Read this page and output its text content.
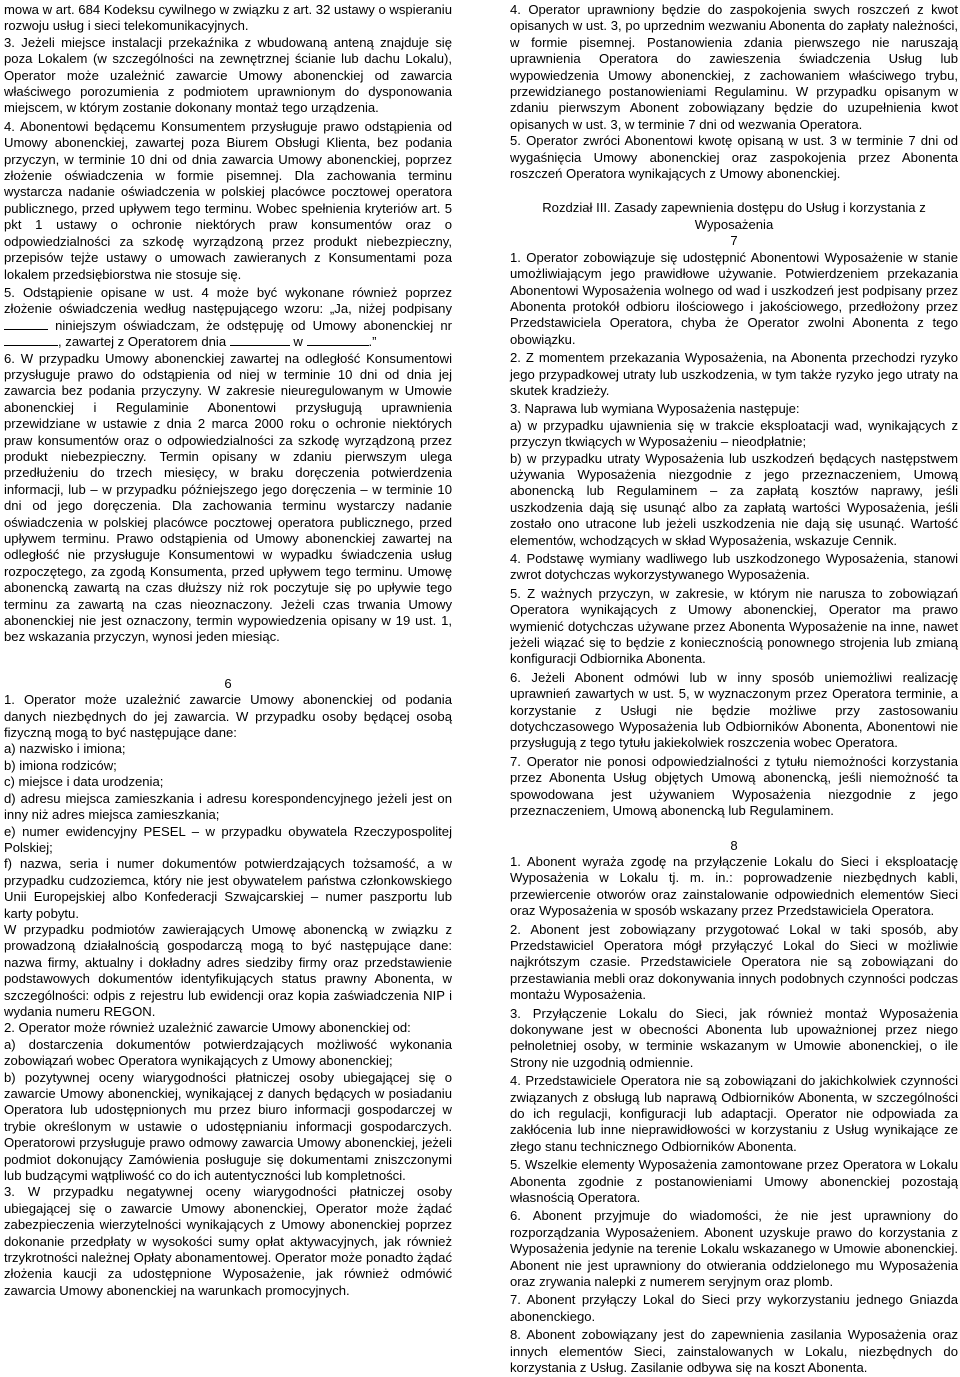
mowa w art. 684 Kodeksu cywilnego w związku z art. 32 ustawy o wspieraniu rozwoju usług i sieci telekomunikacyjnych.

3. Jeżeli miejsce instalacji przekaźnika z wbudowaną anteną znajduje się poza Lokalem (w szczególności na zewnętrznej ścianie lub dachu Lokalu), Operator może uzależnić zawarcie Umowy abonenckiej od zawarcia właściwego porozumienia z podmiotem uprawnionym do dysponowania miejscem, w którym zostanie dokonany montaż tego urządzenia.

4. Abonentowi będącemu Konsumentem przysługuje prawo odstąpienia od Umowy abonenckiej, zawartej poza Biurem Obsługi Klienta, bez podania przyczyn, w terminie 10 dni od dnia zawarcia Umowy abonenckiej, poprzez złożenie oświadczenia w formie pisemnej. Dla zachowania terminu wystarcza nadanie oświadczenia w polskiej placówce pocztowej operatora publicznego, przed upływem tego terminu. Wobec spełnienia kryteriów art. 5 pkt 1 ustawy o ochronie niektórych praw konsumentów oraz o odpowiedzialności za szkodę wyrządzoną przez produkt niebezpieczny, przepisów tejże ustawy o umowach zawieranych z Konsumentami poza lokalem przedsiębiorstwa nie stosuje się.

5. Odstąpienie opisane w ust. 4 może być wykonane również poprzez złożenie oświadczenia według następującego wzoru: „Ja, niżej podpisany  niniejszym oświadczam, że odstępuję od Umowy abonenckiej nr , zawartej z Operatorem dnia	w	.”

6. W przypadku Umowy abonenckiej zawartej na odległość Konsumentowi przysługuje prawo do odstąpienia od niej w terminie 10 dni od dnia jej zawarcia bez podania przyczyny. W zakresie nieuregulowanym w Umowie abonenckiej i Regulaminie Abonentowi przysługują uprawnienia przewidziane w ustawie z dnia 2 marca 2000 roku o ochronie niektórych praw konsumentów oraz o odpowiedzialności za szkodę wyrządzoną przez produkt niebezpieczny. Termin opisany w zdaniu pierwszym ulega przedłużeniu do trzech miesięcy, w braku doręczenia potwierdzenia informacji, lub – w przypadku późniejszego jego doręczenia – w terminie 10 dni od jego doręczenia. Dla zachowania terminu wystarczy nadanie oświadczenia w polskiej placówce pocztowej operatora publicznego, przed upływem terminu. Prawo odstąpienia od Umowy abonenckiej zawartej na odległość nie przysługuje Konsumentowi w wypadku świadczenia usług rozpoczętego, za zgodą Konsumenta, przed upływem tego terminu. Umowę abonencką zawartą na czas dłuższy niż rok poczytuje się po upływie tego terminu za zawartą na czas nieoznaczony. Jeżeli czas trwania Umowy abonenckiej nie jest oznaczony, termin wypowiedzenia opisany w 19 ust. 1, bez wskazania przyczyn, wynosi jeden miesiąc.

6

1. Operator może uzależnić zawarcie Umowy abonenckiej od podania danych niezbędnych do jej zawarcia. W przypadku osoby będącej osobą fizyczną mogą to być następujące dane:

a) nazwisko i imiona;

b) imiona rodziców;

c) miejsce i data urodzenia;

d) adresu miejsca zamieszkania i adresu korespondencyjnego jeżeli jest on inny niż adres miejsca zamieszkania;

e) numer ewidencyjny PESEL – w przypadku obywatela Rzeczypospolitej Polskiej;

f) nazwa, seria i numer dokumentów potwierdzających tożsamość, a w przypadku cudzoziemca, który nie jest obywatelem państwa członkowskiego Unii Europejskiej albo Konfederacji Szwajcarskiej – numer paszportu lub karty pobytu.

W przypadku podmiotów zawierających Umowę abonencką w związku z prowadzoną działalnością gospodarczą mogą to być następujące dane: nazwa firmy, aktualny i dokładny adres siedziby firmy oraz przedstawienie podstawowych dokumentów identyfikujących status prawny Abonenta, w szczególności: odpis z rejestru lub ewidencji oraz kopia zaświadczenia NIP i wydania numeru REGON.

2. Operator może również uzależnić zawarcie Umowy abonenckiej od:

a) dostarczenia dokumentów potwierdzających możliwość wykonania zobowiązań wobec Operatora wynikających z Umowy abonenckiej;

b) pozytywnej oceny wiarygodności płatniczej osoby ubiegającej się o zawarcie Umowy abonenckiej, wynikającej z danych będących w posiadaniu Operatora lub udostępnionych mu przez biuro informacji gospodarczej w trybie określonym w ustawie o udostępnianiu informacji gospodarczych. Operatorowi przysługuje prawo odmowy zawarcia Umowy abonenckiej, jeżeli podmiot dokonujący Zamówienia posługuje się dokumentami zniszczonymi lub budzącymi wątpliwość co do ich autentyczności lub kompletności.

3. W przypadku negatywnej oceny wiarygodności płatniczej osoby ubiegającej się o zawarcie Umowy abonenckiej, Operator może żądać zabezpieczenia wierzytelności wynikających z Umowy abonenckiej poprzez dokonanie przedpłaty w wysokości sumy opłat aktywacyjnych, jak również trzykrotności należnej Opłaty abonamentowej. Operator może ponadto żądać złożenia kaucji za udostępnione Wyposażenie, jak również odmówić zawarcia Umowy abonenckiej na warunkach promocyjnych.

4. Operator uprawniony będzie do zaspokojenia swych roszczeń z kwot opisanych w ust. 3, po uprzednim wezwaniu Abonenta do zapłaty należności, w formie pisemnej. Postanowienia zdania pierwszego nie naruszają uprawnienia Operatora do zawieszenia świadczenia Usług lub wypowiedzenia Umowy abonenckiej, z zachowaniem właściwego trybu, przewidzianego postanowieniami Regulaminu. W przypadku opisanym w zdaniu pierwszym Abonent zobowiązany będzie do uzupełnienia kwot opisanych w ust. 3, w terminie 7 dni od wezwania Operatora.

5. Operator zwróci Abonentowi kwotę opisaną w ust. 3 w terminie 7 dni od wygaśnięcia Umowy abonenckiej oraz zaspokojenia przez Abonenta roszczeń Operatora wynikających z Umowy abonenckiej.

Rozdział III. Zasady zapewnienia dostępu do Usług i korzystania z Wyposażenia

7

1. Operator zobowiązuje się udostępnić Abonentowi Wyposażenie w stanie umożliwiającym jego prawidłowe używanie. Potwierdzeniem przekazania Abonentowi Wyposażenia wolnego od wad i uszkodzeń jest podpisany przez Abonenta protokół odbioru ilościowego i jakościowego, przedłożony przez Przedstawiciela Operatora, chyba że Operator zwolni Abonenta z tego obowiązku.

2. Z momentem przekazania Wyposażenia, na Abonenta przechodzi ryzyko jego przypadkowej utraty lub uszkodzenia, w tym także ryzyko jego utraty na skutek kradzieży.

3. Naprawa lub wymiana Wyposażenia następuje:

a) w przypadku ujawnienia się w trakcie eksploatacji wad, wynikających z przyczyn tkwiących w Wyposażeniu – nieodpłatnie;

b) w przypadku utraty Wyposażenia lub uszkodzeń będących następstwem używania Wyposażenia niezgodnie z jego przeznaczeniem, Umową abonencką lub Regulaminem – za zapłatą kosztów naprawy, jeśli uszkodzenia dają się usunąć albo za zapłatą wartości Wyposażenia, jeśli zostało ono utracone lub jeżeli uszkodzenia nie dają się usunąć. Wartość elementów, wchodzących w skład Wyposażenia, wskazuje Cennik.

4. Podstawę wymiany wadliwego lub uszkodzonego Wyposażenia, stanowi zwrot dotychczas wykorzystywanego Wyposażenia.

5. Z ważnych przyczyn, w zakresie, w którym nie narusza to zobowiązań Operatora wynikających z Umowy abonenckiej, Operator ma prawo wymienić dotychczas używane przez Abonenta Wyposażenie na inne, nawet jeżeli wiązać się to będzie z koniecznością ponownego strojenia lub zmianą konfiguracji Odbiornika Abonenta.

6. Jeżeli Abonent odmówi lub w inny sposób uniemożliwi realizację uprawnień zawartych w ust. 5, w wyznaczonym przez Operatora terminie, a korzystanie z Usługi nie będzie możliwe przy zastosowaniu dotychczasowego Wyposażenia lub Odbiorników Abonenta, Abonentowi nie przysługują z tego tytułu jakiekolwiek roszczenia wobec Operatora.

7. Operator nie ponosi odpowiedzialności z tytułu niemożności korzystania przez Abonenta Usług objętych Umową abonencką, jeśli niemożność ta spowodowana jest używaniem Wyposażenia niezgodnie z jego przeznaczeniem, Umową abonencką lub Regulaminem.

8

1. Abonent wyraża zgodę na przyłączenie Lokalu do Sieci i eksploatację Wyposażenia w Lokalu tj. m. in.: poprowadzenie niezbędnych kabli, przewiercenie otworów oraz zainstalowanie odpowiednich elementów Sieci oraz Wyposażenia w sposób wskazany przez Przedstawiciela Operatora.

2. Abonent jest zobowiązany przygotować Lokal w taki sposób, aby Przedstawiciel Operatora mógł przyłączyć Lokal do Sieci w możliwie najkrótszym czasie. Przedstawiciele Operatora nie są zobowiązani do przestawiania mebli oraz dokonywania innych podobnych czynności podczas montażu Wyposażenia.

3. Przyłączenie Lokalu do Sieci, jak również montaż Wyposażenia dokonywane jest w obecności Abonenta lub upoważnionej przez niego pełnoletniej osoby, w terminie wskazanym w Umowie abonenckiej, o ile Strony nie uzgodnią odmiennie.

4. Przedstawiciele Operatora nie są zobowiązani do jakichkolwiek czynności związanych z obsługą lub naprawą Odbiorników Abonenta, w szczególności do ich regulacji, konfiguracji lub adaptacji. Operator nie odpowiada za zakłócenia lub inne nieprawidłowości w korzystaniu z Usług wynikające ze złego stanu technicznego Odbiorników Abonenta.

5. Wszelkie elementy Wyposażenia zamontowane przez Operatora w Lokalu Abonenta zgodnie z postanowieniami Umowy abonenckiej pozostają własnością Operatora.

6. Abonent przyjmuje do wiadomości, że nie jest uprawniony do rozporządzania Wyposażeniem. Abonent uzyskuje prawo do korzystania z Wyposażenia jedynie na terenie Lokalu wskazanego w Umowie abonenckiej. Abonent nie jest uprawniony do otwierania oddzielonego mu Wyposażenia oraz zrywania nalepki z numerem seryjnym oraz plomb.

7. Abonent przyłączy Lokal do Sieci przy wykorzystaniu jednego Gniazda abonenckiego.

8. Abonent zobowiązany jest do zapewnienia zasilania Wyposażenia oraz innych elementów Sieci, zainstalowanych w Lokalu, niezbędnych do korzystania z Usług. Zasilanie odbywa się na koszt Abonenta.
